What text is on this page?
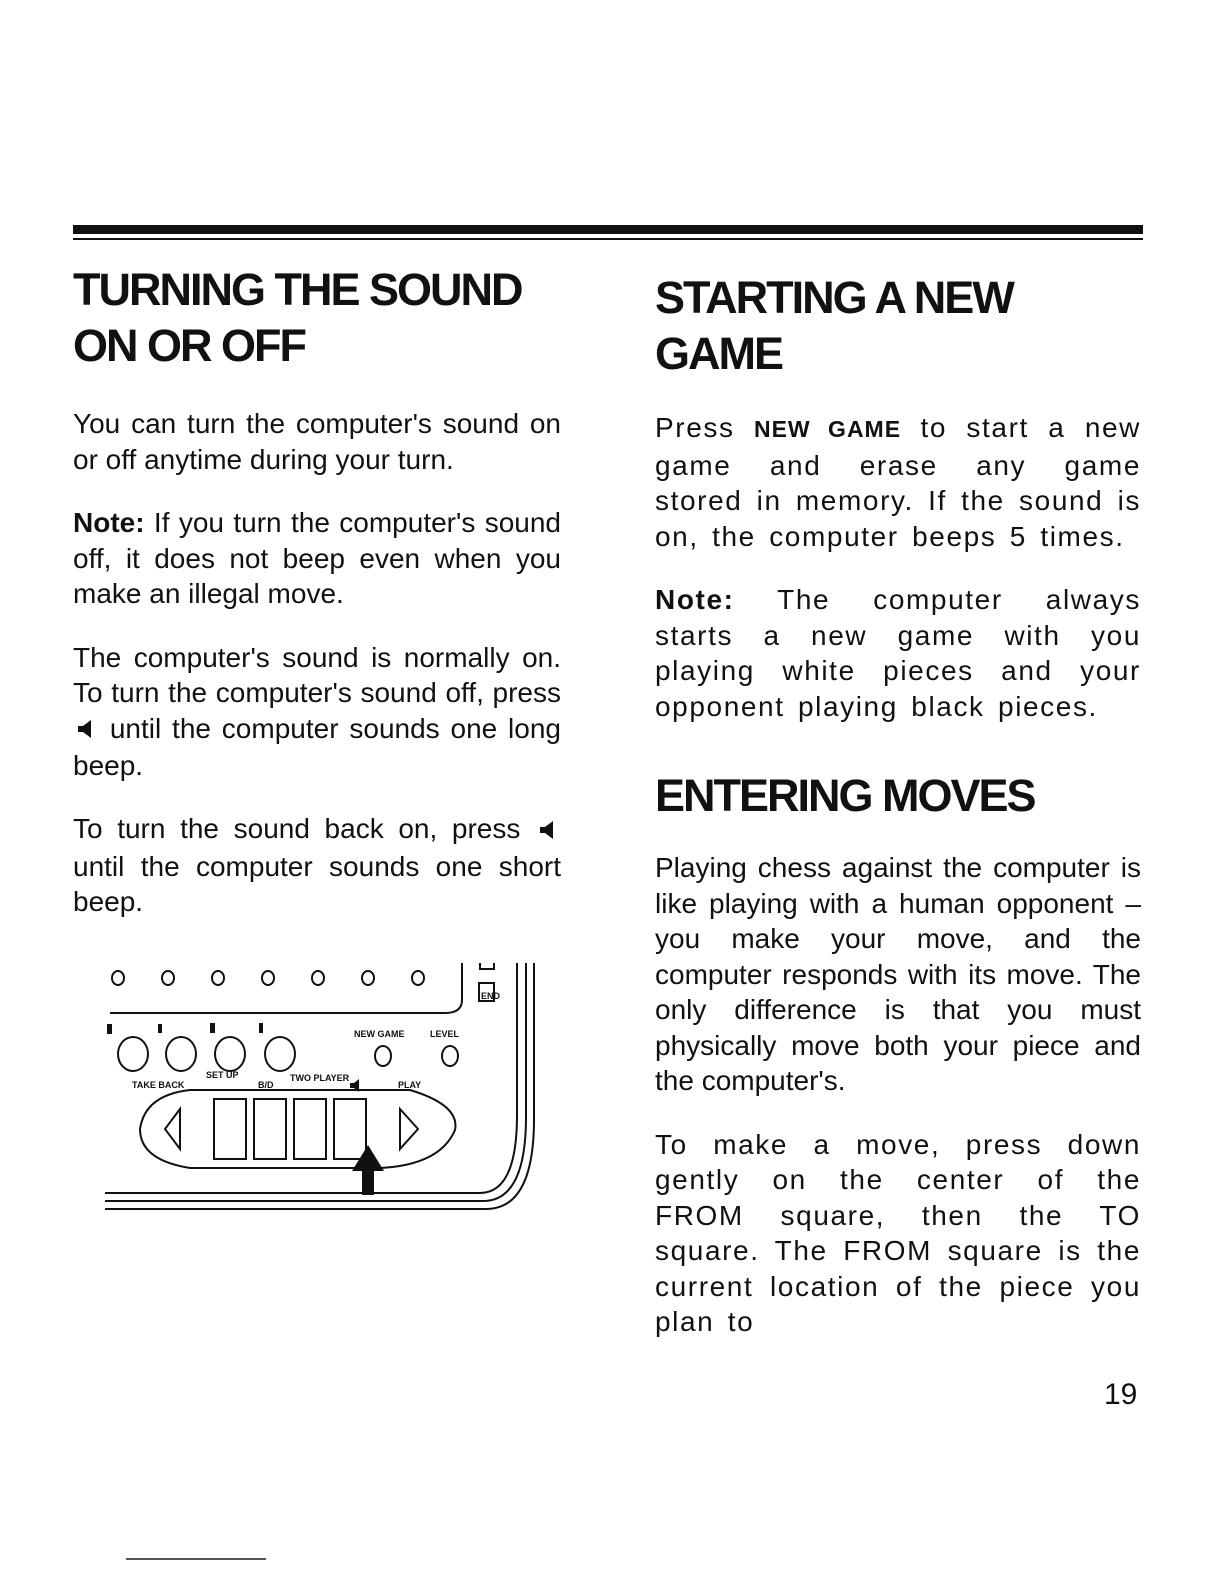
TURNING THE SOUND
ON OR OFF

You can turn the computer's sound on or off anytime during your turn.

Note: If you turn the computer's sound off, it does not beep even when you make an illegal move.

The computer's sound is normally on. To turn the computer's sound off, press  until the computer sounds one long beep.

To turn the sound back on, press  until the computer sounds one short beep.

END
NEW GAME	LEVEL
TAKE BACK
SET UP
B/D
TWO PLAYER
PLAY
STARTING A NEW
GAME

Press NEW GAME to start a new game and erase any game stored in memory. If the sound is on, the computer beeps 5 times.

Note: The computer always starts a new game with you playing white pieces and your opponent playing black pieces.

ENTERING MOVES

Playing chess against the computer is like playing with a human opponent – you make your move, and the computer responds with its move. The only difference is that you must physically move both your piece and the computer's.

To make a move, press down gently on the center of the FROM square, then the TO square. The FROM square is the current location of the piece you plan to

19
